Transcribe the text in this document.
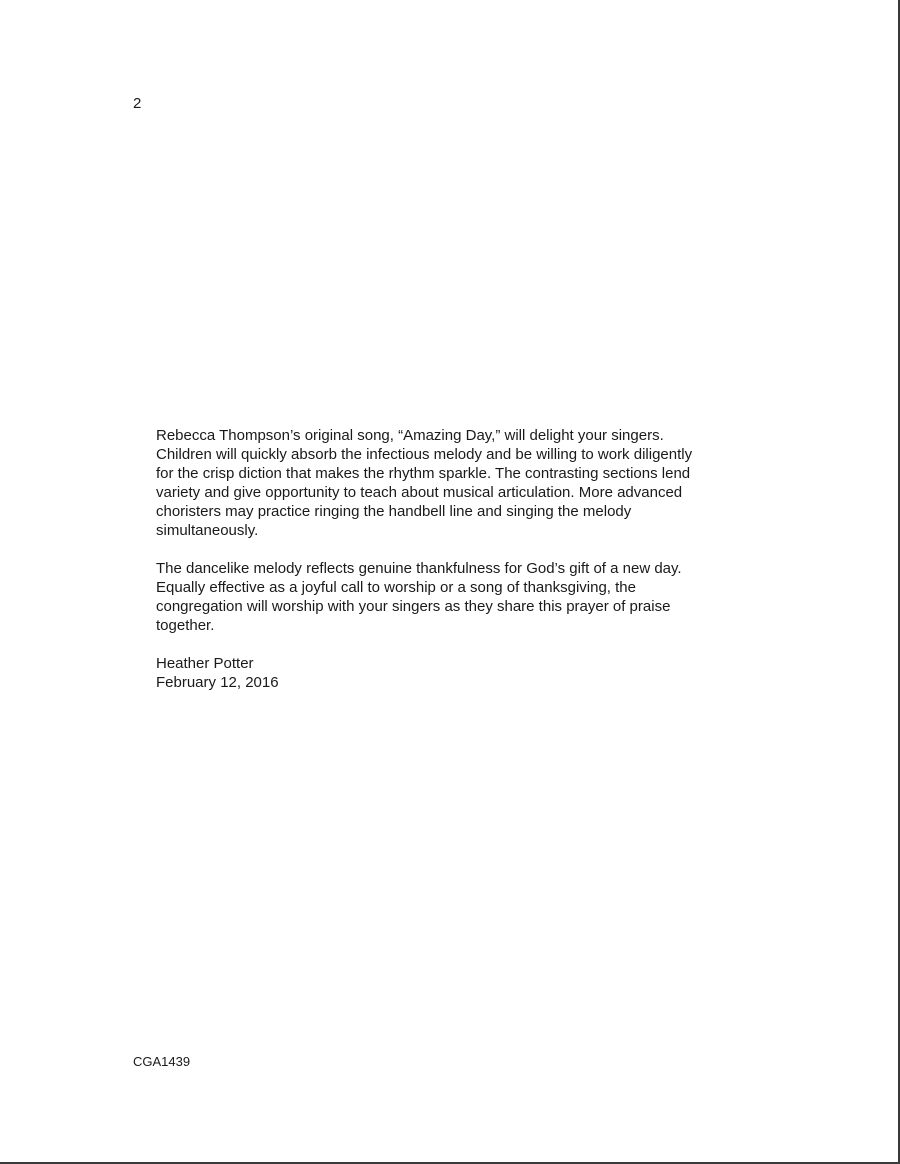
2

Rebecca Thompson’s original song, “Amazing Day,” will delight your singers.
Children will quickly absorb the infectious melody and be willing to work diligently
for the crisp diction that makes the rhythm sparkle. The contrasting sections lend
variety and give opportunity to teach about musical articulation. More advanced
choristers may practice ringing the handbell line and singing the melody
simultaneously.

The dancelike melody reflects genuine thankfulness for God’s gift of a new day.
Equally effective as a joyful call to worship or a song of thanksgiving, the
congregation will worship with your singers as they share this prayer of praise
together.

Heather Potter
February 12, 2016

CGA1439
